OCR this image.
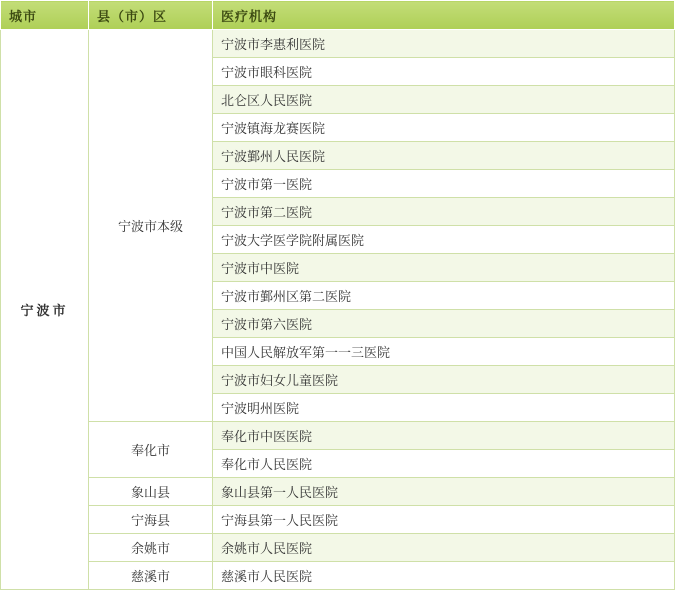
城市	县（市）区	医疗机构
宁波市	宁波市本级	宁波市李惠利医院
		宁波市眼科医院
		北仑区人民医院
		宁波镇海龙赛医院
		宁波鄞州人民医院
		宁波市第一医院
		宁波市第二医院
		宁波大学医学院附属医院
		宁波市中医院
		宁波市鄞州区第二医院
		宁波市第六医院
		中国人民解放军第一一三医院
		宁波市妇女儿童医院
		宁波明州医院
	奉化市	奉化市中医医院
		奉化市人民医院
	象山县	象山县第一人民医院
	宁海县	宁海县第一人民医院
	余姚市	余姚市人民医院
	慈溪市	慈溪市人民医院
